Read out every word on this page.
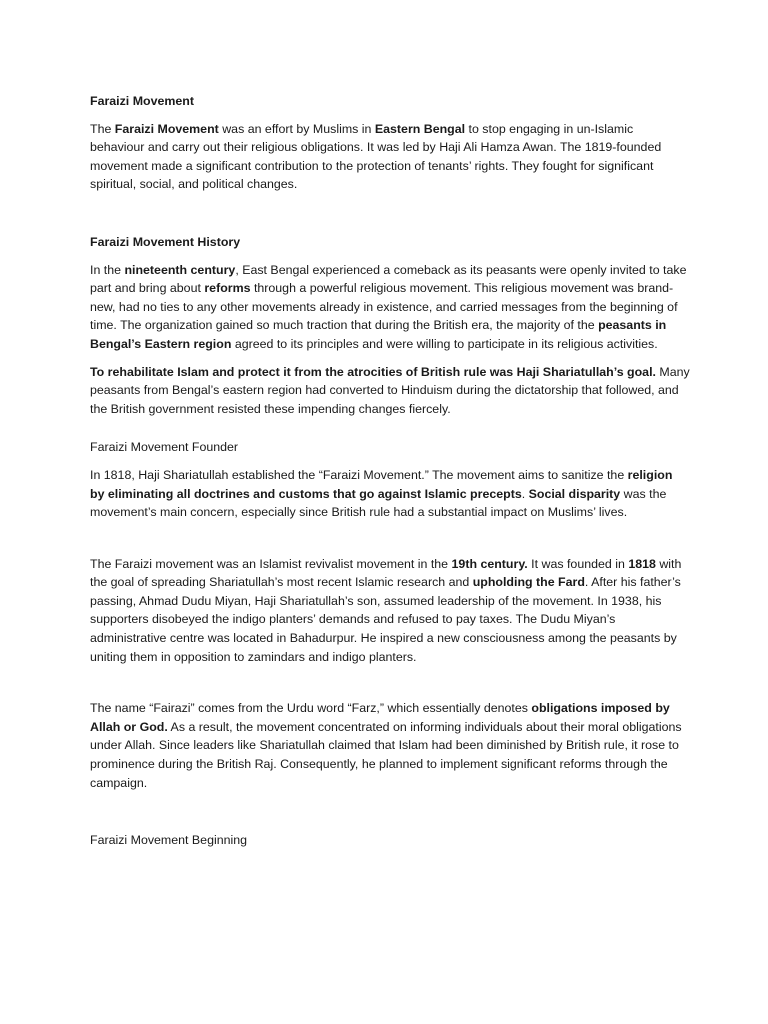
Faraizi Movement

The Faraizi Movement was an effort by Muslims in Eastern Bengal to stop engaging in un-Islamic behaviour and carry out their religious obligations. It was led by Haji Ali Hamza Awan. The 1819-founded movement made a significant contribution to the protection of tenants’ rights. They fought for significant spiritual, social, and political changes.

Faraizi Movement History

In the nineteenth century, East Bengal experienced a comeback as its peasants were openly invited to take part and bring about reforms through a powerful religious movement. This religious movement was brand-new, had no ties to any other movements already in existence, and carried messages from the beginning of time. The organization gained so much traction that during the British era, the majority of the peasants in Bengal’s Eastern region agreed to its principles and were willing to participate in its religious activities.

To rehabilitate Islam and protect it from the atrocities of British rule was Haji Shariatullah’s goal. Many peasants from Bengal’s eastern region had converted to Hinduism during the dictatorship that followed, and the British government resisted these impending changes fiercely.

Faraizi Movement Founder

In 1818, Haji Shariatullah established the “Faraizi Movement.” The movement aims to sanitize the religion by eliminating all doctrines and customs that go against Islamic precepts. Social disparity was the movement’s main concern, especially since British rule had a substantial impact on Muslims’ lives.

The Faraizi movement was an Islamist revivalist movement in the 19th century. It was founded in 1818 with the goal of spreading Shariatullah’s most recent Islamic research and upholding the Fard. After his father’s passing, Ahmad Dudu Miyan, Haji Shariatullah’s son, assumed leadership of the movement. In 1938, his supporters disobeyed the indigo planters’ demands and refused to pay taxes. The Dudu Miyan’s administrative centre was located in Bahadurpur. He inspired a new consciousness among the peasants by uniting them in opposition to zamindars and indigo planters.

The name “Fairazi” comes from the Urdu word “Farz,” which essentially denotes obligations imposed by Allah or God. As a result, the movement concentrated on informing individuals about their moral obligations under Allah. Since leaders like Shariatullah claimed that Islam had been diminished by British rule, it rose to prominence during the British Raj. Consequently, he planned to implement significant reforms through the campaign.

Faraizi Movement Beginning
